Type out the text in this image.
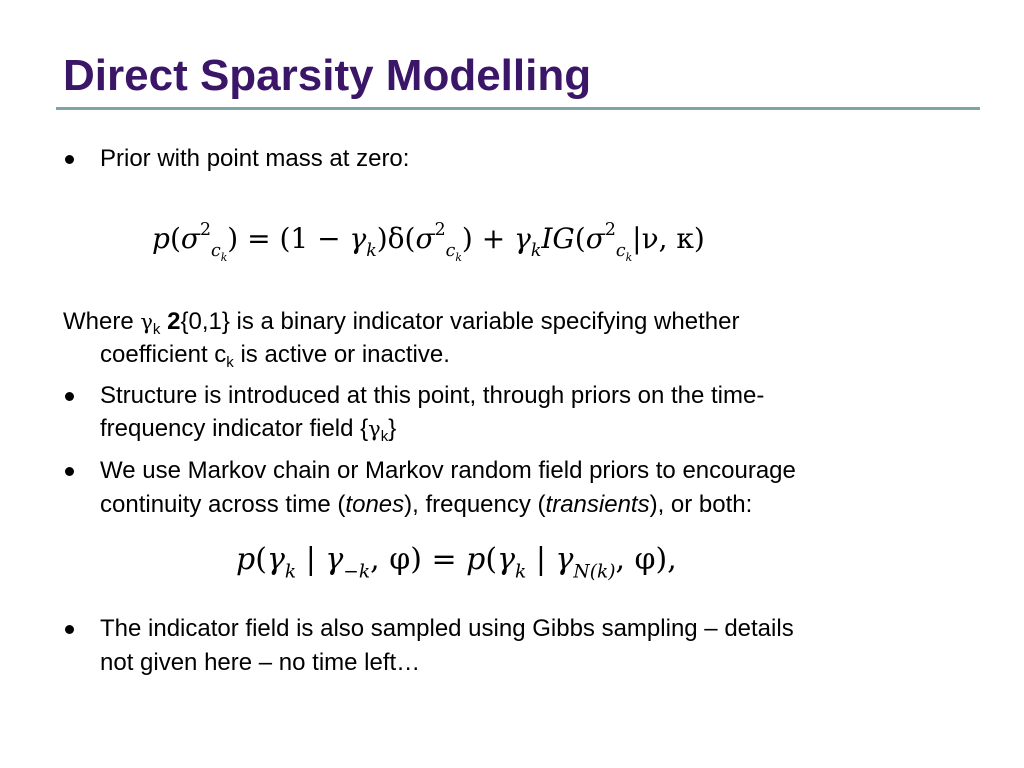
Direct Sparsity Modelling
Prior with point mass at zero:
$p(\sigma^2_{c_k}) = (1 - \gamma_k)\delta(\sigma^2_{c_k}) + \gamma_kIG(\sigma^2_{c_k}|\nu$, κ)
Where $\gamma_k$ 2{0,1} is a binary indicator variable specifying whether
coefficient $c_k$ is active or inactive.
Structure is introduced at this point, through priors on the time-
frequency indicator field $\{\gamma_k\}$
We use Markov chain or Markov random field priors to encourage
continuity across time (tones), frequency (transients), or both:
$p(\gamma_k$ | $\gamma_{-k}$, $\varphi) = p(\gamma_k$ | $\gamma_{N(k)}$, φ),
The indicator field is also sampled using Gibbs sampling – details
not given here – no time left…
